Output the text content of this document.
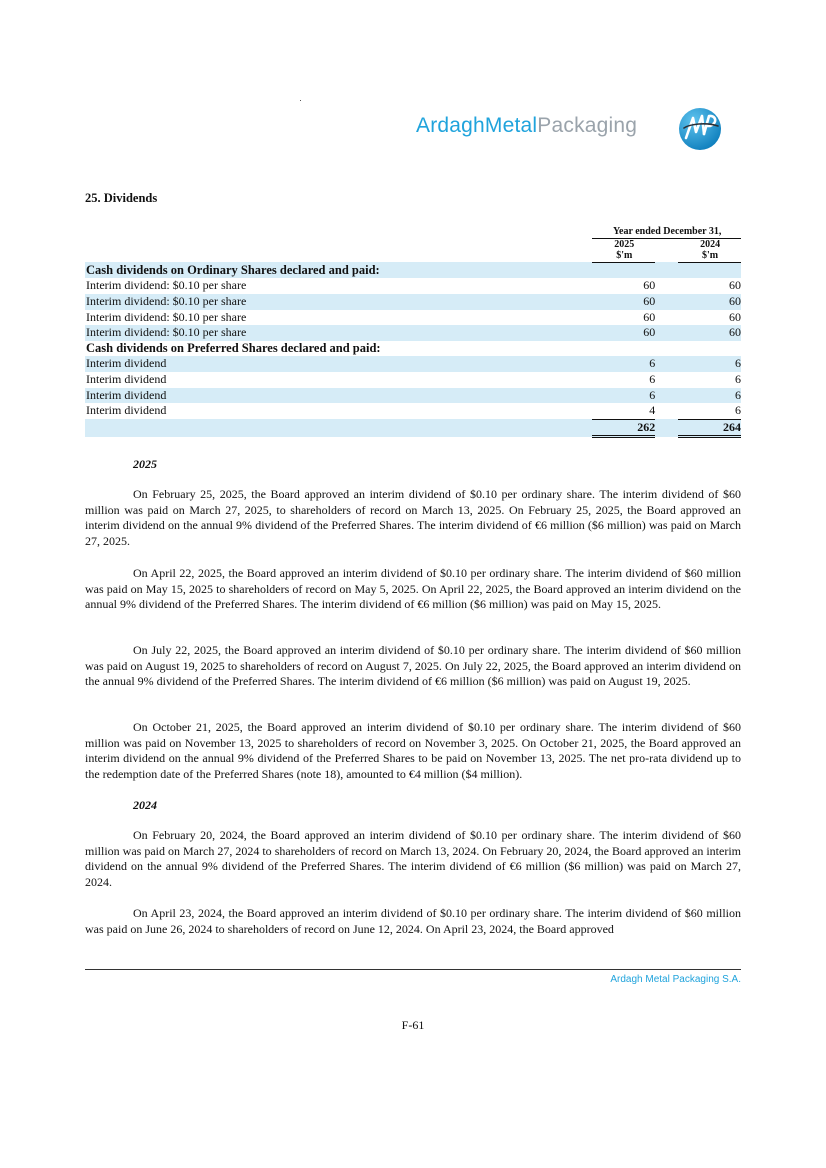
ArdaghMetalPackaging
25. Dividends
	Year ended December 31,		
	2025		2024
	$'m		$'m
Cash dividends on Ordinary Shares declared and paid:			
Interim dividend: $0.10 per share	60		60
Interim dividend: $0.10 per share	60		60
Interim dividend: $0.10 per share	60		60
Interim dividend: $0.10 per share	60		60
Cash dividends on Preferred Shares declared and paid:			
Interim dividend	6		6
Interim dividend	6		6
Interim dividend	6		6
Interim dividend	4		6
	262		264

2025

On February 25, 2025, the Board approved an interim dividend of $0.10 per ordinary share. The interim dividend of $60 million was paid on March 27, 2025, to shareholders of record on March 13, 2025. On February 25, 2025, the Board approved an interim dividend on the annual 9% dividend of the Preferred Shares. The interim dividend of €6 million ($6 million) was paid on March 27, 2025.

On April 22, 2025, the Board approved an interim dividend of $0.10 per ordinary share. The interim dividend of $60 million was paid on May 15, 2025 to shareholders of record on May 5, 2025. On April 22, 2025, the Board approved an interim dividend on the annual 9% dividend of the Preferred Shares. The interim dividend of €6 million ($6 million) was paid on May 15, 2025.

On July 22, 2025, the Board approved an interim dividend of $0.10 per ordinary share. The interim dividend of $60 million was paid on August 19, 2025 to shareholders of record on August 7, 2025. On July 22, 2025, the Board approved an interim dividend on the annual 9% dividend of the Preferred Shares. The interim dividend of €6 million ($6 million) was paid on August 19, 2025.

On October 21, 2025, the Board approved an interim dividend of $0.10 per ordinary share. The interim dividend of $60 million was paid on November 13, 2025 to shareholders of record on November 3, 2025. On October 21, 2025, the Board approved an interim dividend on the annual 9% dividend of the Preferred Shares to be paid on November 13, 2025. The net pro-rata dividend up to the redemption date of the Preferred Shares (note 18), amounted to €4 million ($4 million).

2024

On February 20, 2024, the Board approved an interim dividend of $0.10 per ordinary share. The interim dividend of $60 million was paid on March 27, 2024 to shareholders of record on March 13, 2024. On February 20, 2024, the Board approved an interim dividend on the annual 9% dividend of the Preferred Shares. The interim dividend of €6 million ($6 million) was paid on March 27, 2024.

On April 23, 2024, the Board approved an interim dividend of $0.10 per ordinary share. The interim dividend of $60 million was paid on June 26, 2024 to shareholders of record on June 12, 2024. On April 23, 2024, the Board approved

Ardagh Metal Packaging S.A.
F-61
